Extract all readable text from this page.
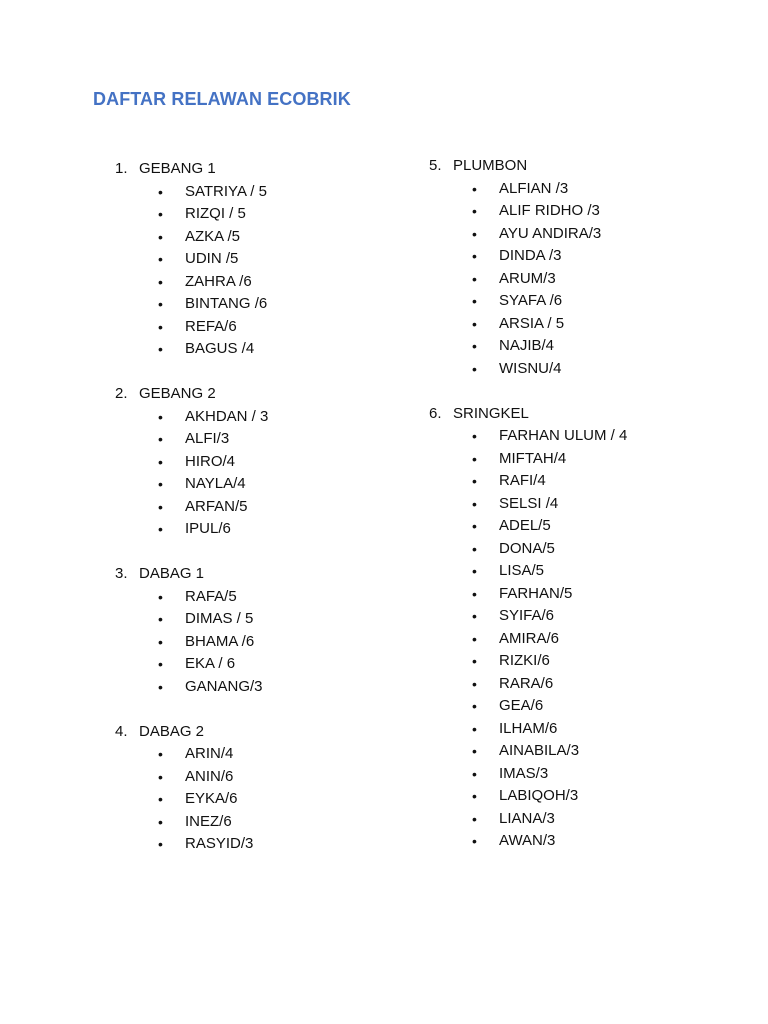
DAFTAR RELAWAN ECOBRIK
1. GEBANG 1
• SATRIYA / 5
• RIZQI / 5
• AZKA /5
• UDIN /5
• ZAHRA /6
• BINTANG /6
• REFA/6
• BAGUS /4
2. GEBANG 2
• AKHDAN / 3
• ALFI/3
• HIRO/4
• NAYLA/4
• ARFAN/5
• IPUL/6
3. DABAG 1
• RAFA/5
• DIMAS / 5
• BHAMA /6
• EKA / 6
• GANANG/3
4. DABAG 2
• ARIN/4
• ANIN/6
• EYKA/6
• INEZ/6
• RASYID/3
5. PLUMBON
• ALFIAN /3
• ALIF RIDHO /3
• AYU ANDIRA/3
• DINDA /3
• ARUM/3
• SYAFA /6
• ARSIA / 5
• NAJIB/4
• WISNU/4
6. SRINGKEL
• FARHAN ULUM / 4
• MIFTAH/4
• RAFI/4
• SELSI /4
• ADEL/5
• DONA/5
• LISA/5
• FARHAN/5
• SYIFA/6
• AMIRA/6
• RIZKI/6
• RARA/6
• GEA/6
• ILHAM/6
• AINABILA/3
• IMAS/3
• LABIQOH/3
• LIANA/3
• AWAN/3
